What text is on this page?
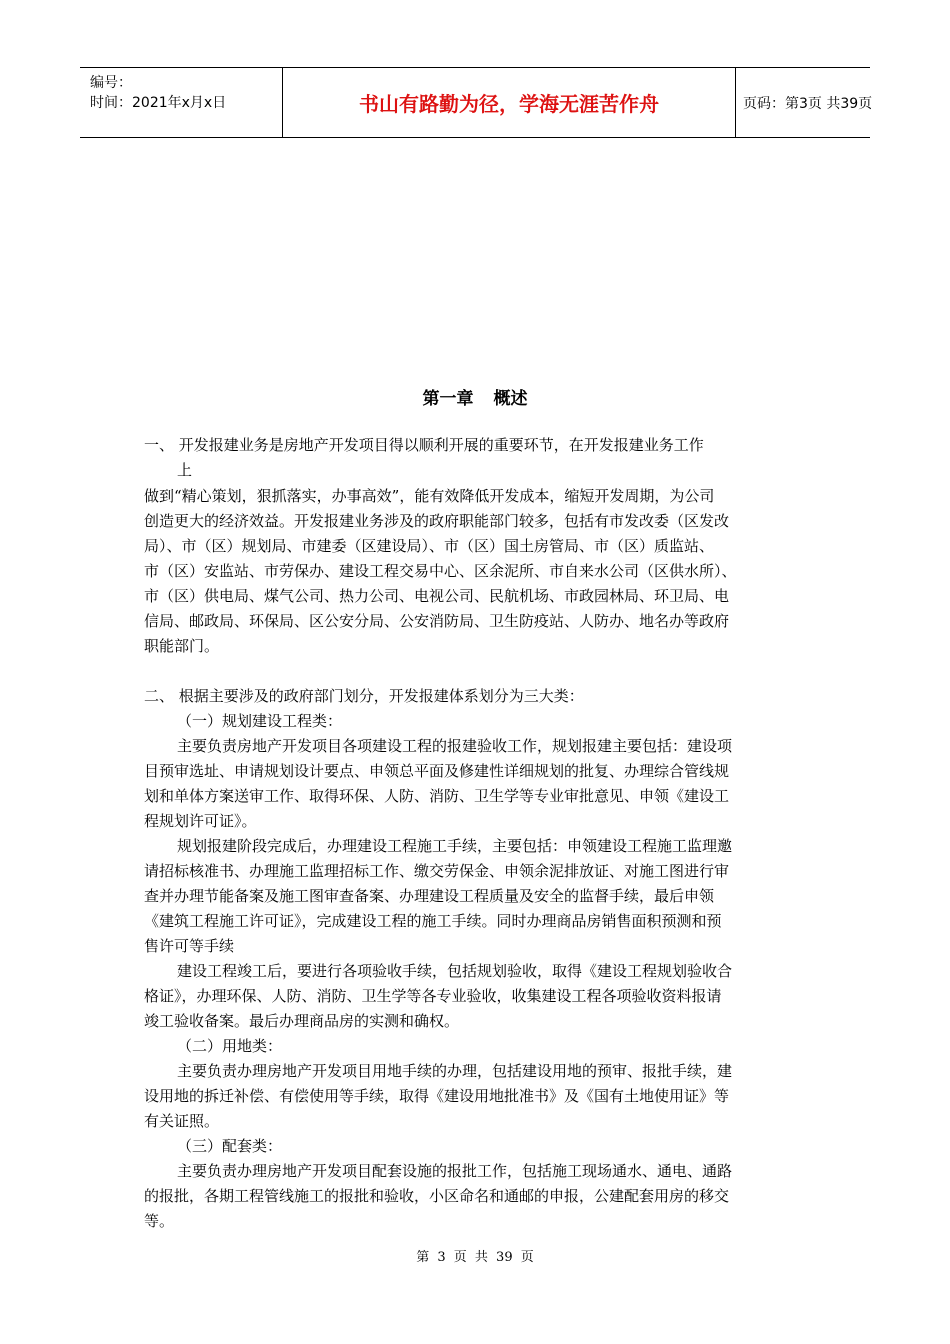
编号：
时间：2021年x月x日	书山有路勤为径，学海无涯苦作舟	页码：第3页 共39页
第一章 概述
一、 开发报建业务是房地产开发项目得以顺利开展的重要环节，在开发报建业务工作
上
做到“精心策划，狠抓落实，办事高效”，能有效降低开发成本，缩短开发周期，为公司
创造更大的经济效益。开发报建业务涉及的政府职能部门较多，包括有市发改委（区发改
局）、市（区）规划局、市建委（区建设局）、市（区）国土房管局、市（区）质监站、
市（区）安监站、市劳保办、建设工程交易中心、区余泥所、市自来水公司（区供水所）、
市（区）供电局、煤气公司、热力公司、电视公司、民航机场、市政园林局、环卫局、电
信局、邮政局、环保局、区公安分局、公安消防局、卫生防疫站、人防办、地名办等政府
职能部门。
二、 根据主要涉及的政府部门划分，开发报建体系划分为三大类：
（一）规划建设工程类：
主要负责房地产开发项目各项建设工程的报建验收工作，规划报建主要包括：建设项
目预审选址、申请规划设计要点、申领总平面及修建性详细规划的批复、办理综合管线规
划和单体方案送审工作、取得环保、人防、消防、卫生学等专业审批意见、申领《建设工
程规划许可证》。
规划报建阶段完成后，办理建设工程施工手续，主要包括：申领建设工程施工监理邀
请招标核准书、办理施工监理招标工作、缴交劳保金、申领余泥排放证、对施工图进行审
查并办理节能备案及施工图审查备案、办理建设工程质量及安全的监督手续，最后申领
《建筑工程施工许可证》，完成建设工程的施工手续。同时办理商品房销售面积预测和预
售许可等手续
建设工程竣工后，要进行各项验收手续，包括规划验收，取得《建设工程规划验收合
格证》，办理环保、人防、消防、卫生学等各专业验收，收集建设工程各项验收资料报请
竣工验收备案。最后办理商品房的实测和确权。
（二）用地类：
主要负责办理房地产开发项目用地手续的办理，包括建设用地的预审、报批手续，建
设用地的拆迁补偿、有偿使用等手续，取得《建设用地批准书》及《国有土地使用证》等
有关证照。
（三）配套类：
主要负责办理房地产开发项目配套设施的报批工作，包括施工现场通水、通电、通路
的报批，各期工程管线施工的报批和验收，小区命名和通邮的申报，公建配套用房的移交
等。
第 3 页 共 39 页
